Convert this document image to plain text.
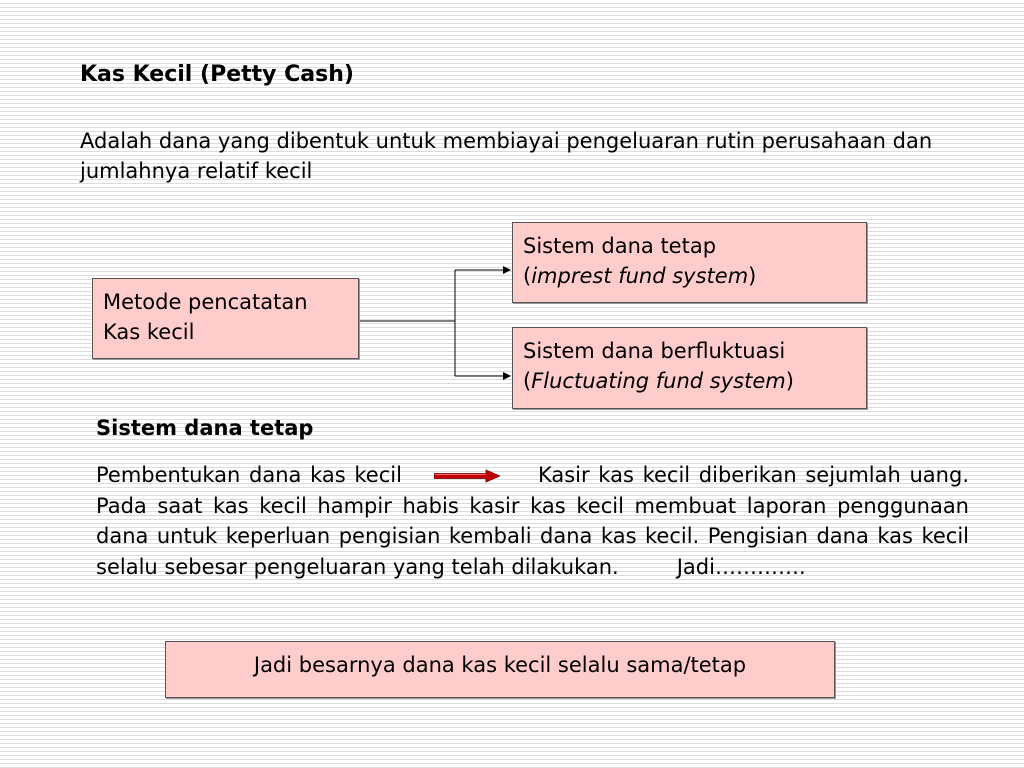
Kas Kecil (Petty Cash)
Adalah dana yang dibentuk untuk membiayai pengeluaran rutin perusahaan dan jumlahnya relatif kecil
Metode pencatatan
Kas kecil
Sistem dana tetap
(imprest fund system)
Sistem dana berfluktuasi
(Fluctuating fund system)
Sistem dana tetap
Pembentukan dana kas kecil	Kasir kas kecil diberikan sejumlah uang. Pada saat kas kecil hampir habis kasir kas kecil membuat laporan penggunaan dana untuk keperluan pengisian kembali dana kas kecil. Pengisian dana kas kecil selalu sebesar pengeluaran yang telah dilakukan.	Jadi………….
Jadi besarnya dana kas kecil selalu sama/tetap
